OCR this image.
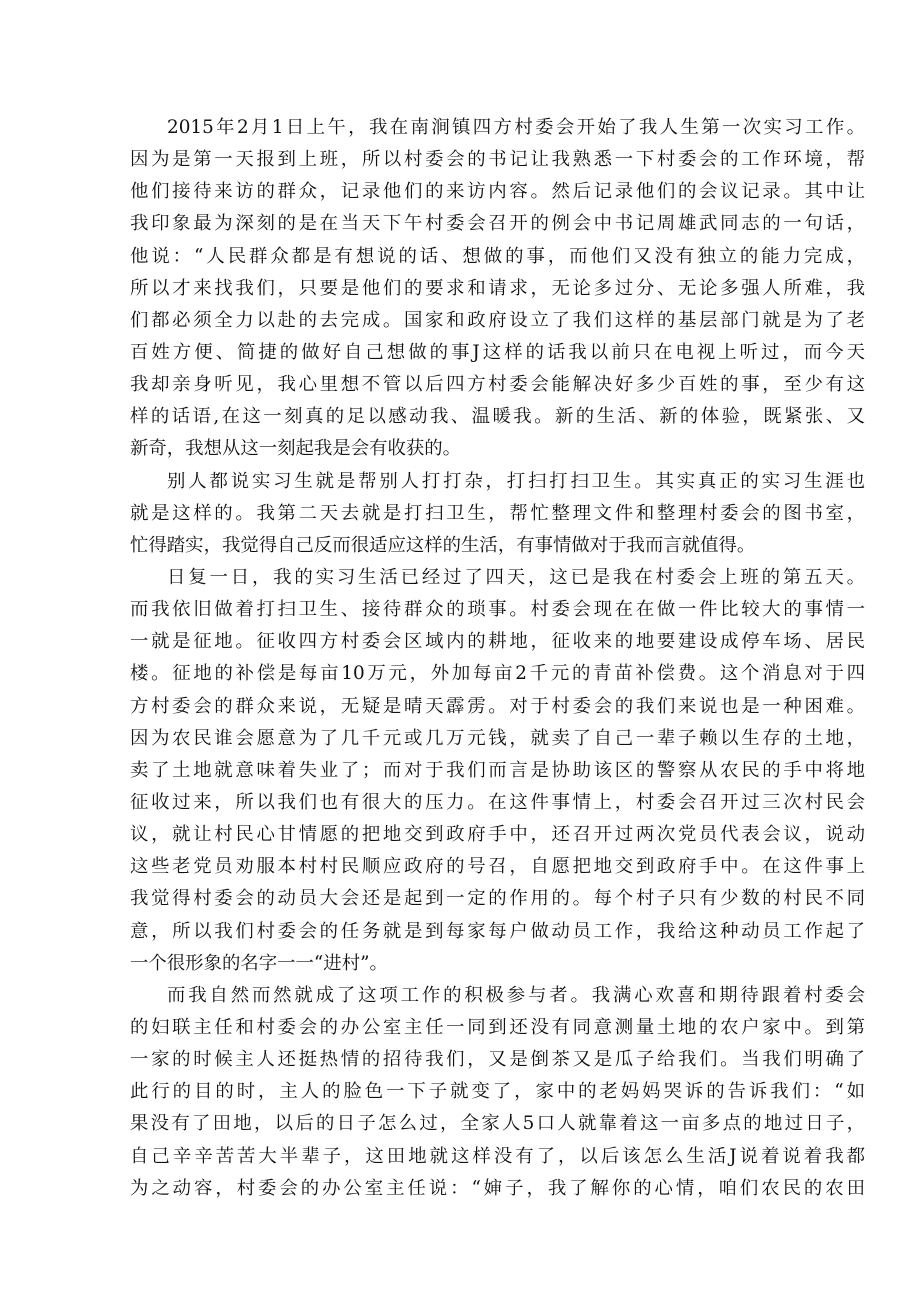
2015年2月1日上午，我在南涧镇四方村委会开始了我人生第一次实习工作。
因为是第一天报到上班，所以村委会的书记让我熟悉一下村委会的工作环境，帮
他们接待来访的群众，记录他们的来访内容。然后记录他们的会议记录。其中让
我印象最为深刻的是在当天下午村委会召开的例会中书记周雄武同志的一句话，
他说：“人民群众都是有想说的话、想做的事，而他们又没有独立的能力完成，
所以才来找我们，只要是他们的要求和请求，无论多过分、无论多强人所难，我
们都必须全力以赴的去完成。国家和政府设立了我们这样的基层部门就是为了老
百姓方便、简捷的做好自己想做的事J这样的话我以前只在电视上听过，而今天
我却亲身听见，我心里想不管以后四方村委会能解决好多少百姓的事，至少有这
样的话语,在这一刻真的足以感动我、温暖我。新的生活、新的体验，既紧张、又
新奇，我想从这一刻起我是会有收获的。
别人都说实习生就是帮别人打打杂，打扫打扫卫生。其实真正的实习生涯也
就是这样的。我第二天去就是打扫卫生，帮忙整理文件和整理村委会的图书室，
忙得踏实，我觉得自己反而很适应这样的生活，有事情做对于我而言就值得。
日复一日，我的实习生活已经过了四天，这已是我在村委会上班的第五天。
而我依旧做着打扫卫生、接待群众的琐事。村委会现在在做一件比较大的事情一
一就是征地。征收四方村委会区域内的耕地，征收来的地要建设成停车场、居民
楼。征地的补偿是每亩10万元，外加每亩2千元的青苗补偿费。这个消息对于四
方村委会的群众来说，无疑是晴天霹雳。对于村委会的我们来说也是一种困难。
因为农民谁会愿意为了几千元或几万元钱，就卖了自己一辈子赖以生存的土地，
卖了土地就意味着失业了；而对于我们而言是协助该区的警察从农民的手中将地
征收过来，所以我们也有很大的压力。在这件事情上，村委会召开过三次村民会
议，就让村民心甘情愿的把地交到政府手中，还召开过两次党员代表会议，说动
这些老党员劝服本村村民顺应政府的号召，自愿把地交到政府手中。在这件事上
我觉得村委会的动员大会还是起到一定的作用的。每个村子只有少数的村民不同
意，所以我们村委会的任务就是到每家每户做动员工作，我给这种动员工作起了
一个很形象的名字一一“进村”。
而我自然而然就成了这项工作的积极参与者。我满心欢喜和期待跟着村委会
的妇联主任和村委会的办公室主任一同到还没有同意测量土地的农户家中。到第
一家的时候主人还挺热情的招待我们，又是倒茶又是瓜子给我们。当我们明确了
此行的目的时，主人的脸色一下子就变了，家中的老妈妈哭诉的告诉我们：“如
果没有了田地，以后的日子怎么过，全家人5口人就靠着这一亩多点的地过日子，
自己辛辛苦苦大半辈子，这田地就这样没有了，以后该怎么生活J说着说着我都
为之动容，村委会的办公室主任说：“婶子，我了解你的心情，咱们农民的农田
